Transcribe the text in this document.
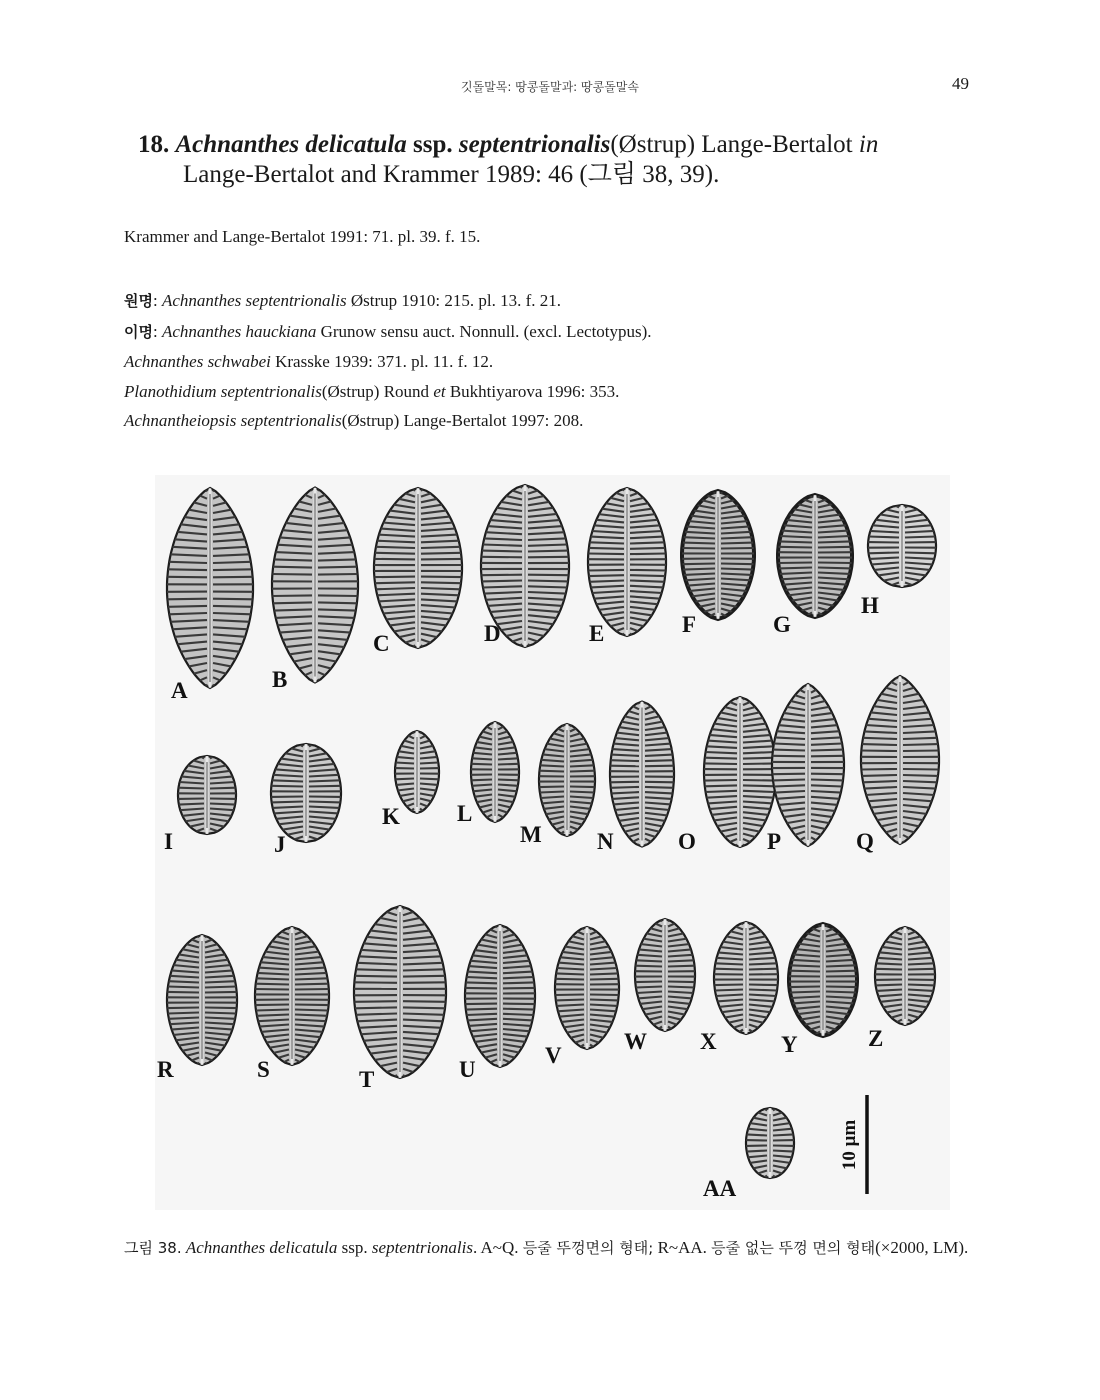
깃돌말목: 땅콩돌말과: 땅콩돌말속	49
18. Achnanthes delicatula ssp. septentrionalis(Østrup) Lange-Bertalot in
Lange-Bertalot and Krammer 1989: 46 (그림 38, 39).
Krammer and Lange-Bertalot 1991: 71. pl. 39. f. 15.
원명: Achnanthes septentrionalis Østrup 1910: 215. pl. 13. f. 21.
이명: Achnanthes hauckiana Grunow sensu auct. Nonnull. (excl. Lectotypus).
Achnanthes schwabei Krasske 1939: 371. pl. 11. f. 12.
Planothidium septentrionalis(Østrup) Round et Bukhtiyarova 1996: 353.
Achnantheiopsis septentrionalis(Østrup) Lange-Bertalot 1997: 208.
A	B
C	D	E	F	G
H
I	J
K L
M N	O	P	Q
R	S	T	U
V
W X	Y	Z
AA
10 μm
그림 38. Achnanthes delicatula ssp. septentrionalis. A~Q. 등줄 뚜껑면의 형태; R~AA. 등줄 없는 뚜껑 면의 형태(×2000, LM).
